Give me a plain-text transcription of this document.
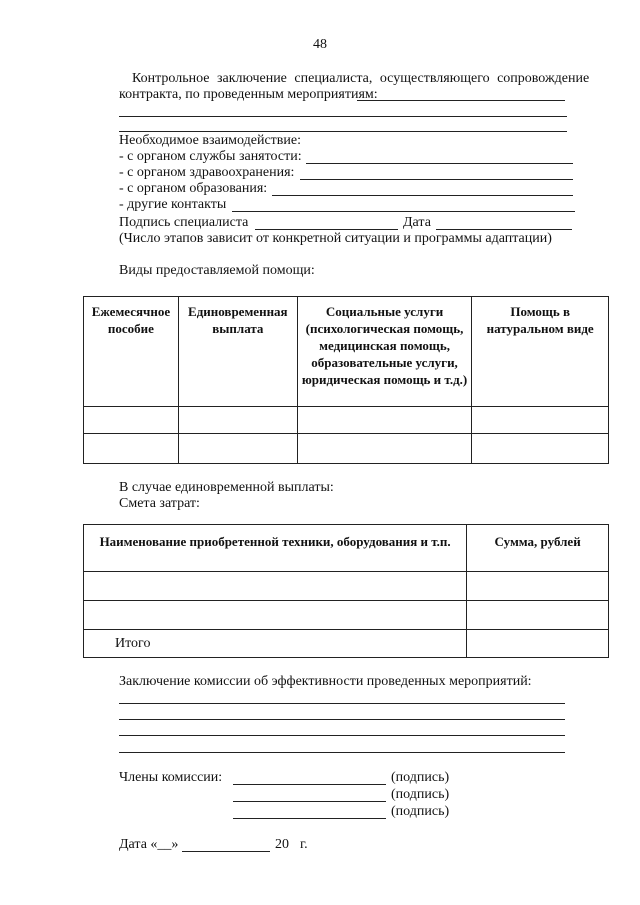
48
Контрольное заключение специалиста, осуществляющего сопровождение
контракта, по проведенным мероприятиям:
Необходимое взаимодействие:
- с органом службы занятости:
- с органом здравоохранения:
- с органом образования:
- другие контакты
Подпись специалиста	Дата
(Число этапов зависит от конкретной ситуации и программы адаптации)
Виды предоставляемой помощи:
Ежемесячное пособие	Единовременная выплата	Социальные услуги (психологическая помощь, медицинская помощь, образовательные услуги, юридическая помощь и т.д.)	Помощь в натуральном виде

В случае единовременной выплаты:
Смета затрат:
Наименование приобретенной техники, оборудования и т.п.	Сумма, рублей

Итого	
Заключение комиссии об эффективности проведенных мероприятий:
Члены комиссии:	(подпись)
(подпись)
(подпись)
Дата «__»	20 г.
